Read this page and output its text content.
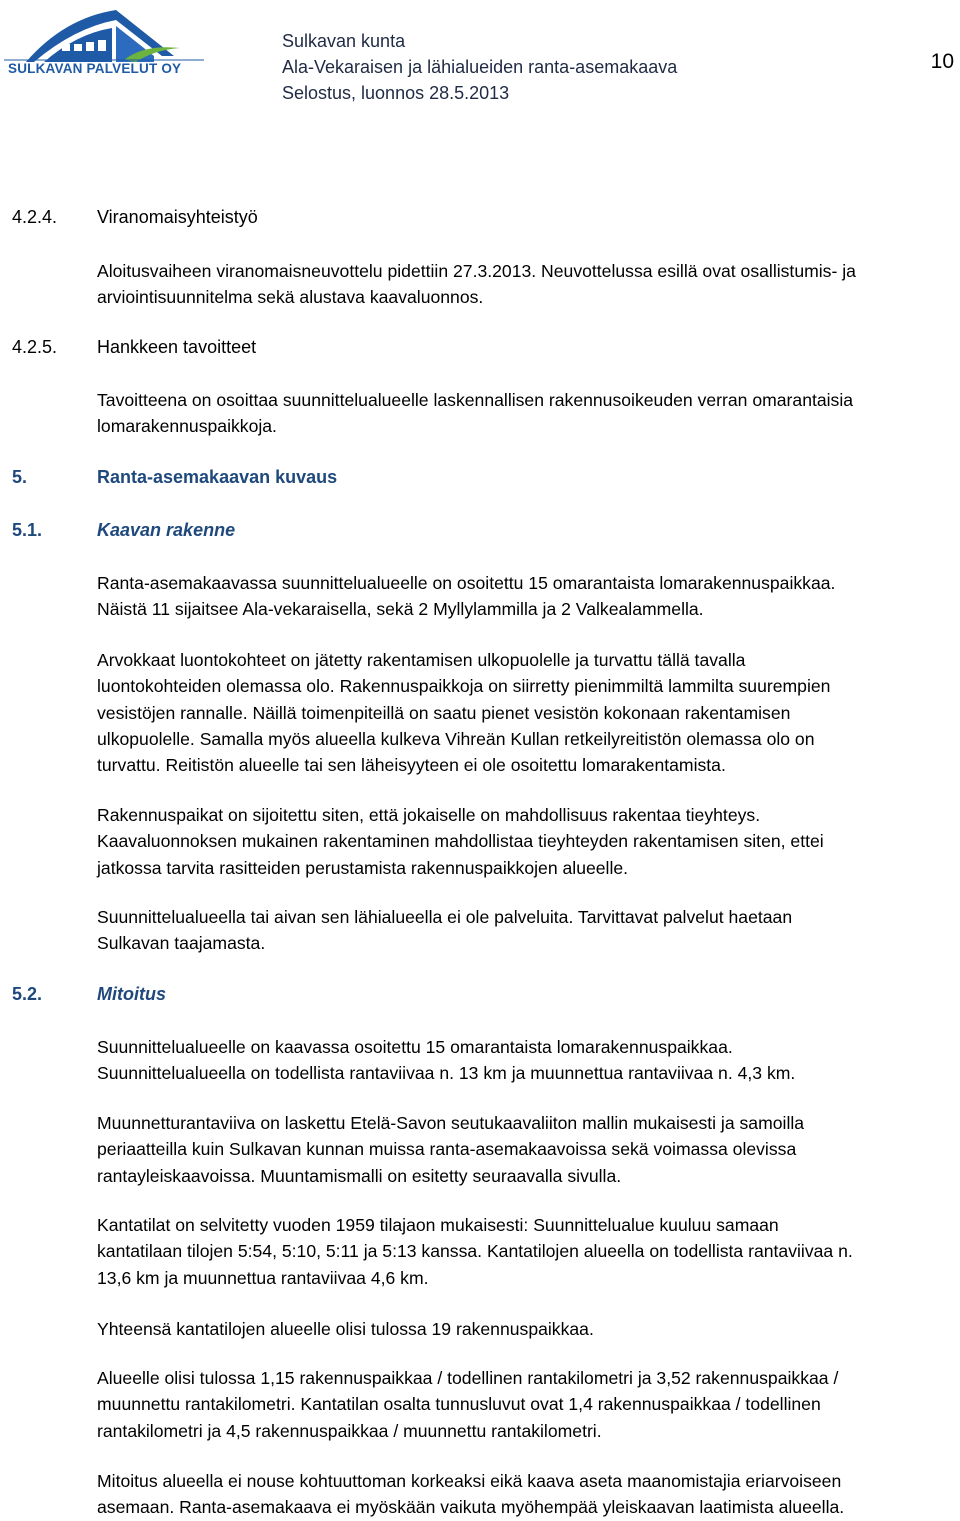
SULKAVAN PALVELUT OY
Sulkavan kunta
Ala-Vekaraisen ja lähialueiden ranta-asemakaava
Selostus, luonnos 28.5.2013
10
4.2.4. Viranomaisyhteistyö
Aloitusvaiheen viranomaisneuvottelu pidettiin 27.3.2013. Neuvottelussa esillä ovat osallistumis- ja
arviointisuunnitelma sekä alustava kaavaluonnos.
4.2.5. Hankkeen tavoitteet
Tavoitteena on osoittaa suunnittelualueelle laskennallisen rakennusoikeuden verran omarantaisia
lomarakennuspaikkoja.
5.	Ranta-asemakaavan kuvaus
5.1.	Kaavan rakenne
Ranta-asemakaavassa suunnittelualueelle on osoitettu 15 omarantaista lomarakennuspaikkaa.
Näistä 11 sijaitsee Ala-vekaraisella, sekä 2 Myllylammilla ja 2 Valkealammella.
Arvokkaat luontokohteet on jätetty rakentamisen ulkopuolelle ja turvattu tällä tavalla
luontokohteiden olemassa olo. Rakennuspaikkoja on siirretty pienimmiltä lammilta suurempien
vesistöjen rannalle. Näillä toimenpiteillä on saatu pienet vesistön kokonaan rakentamisen
ulkopuolelle. Samalla myös alueella kulkeva Vihreän Kullan retkeilyreitistön olemassa olo on
turvattu. Reitistön alueelle tai sen läheisyyteen ei ole osoitettu lomarakentamista.
Rakennuspaikat on sijoitettu siten, että jokaiselle on mahdollisuus rakentaa tieyhteys.
Kaavaluonnoksen mukainen rakentaminen mahdollistaa tieyhteyden rakentamisen siten, ettei
jatkossa tarvita rasitteiden perustamista rakennuspaikkojen alueelle.
Suunnittelualueella tai aivan sen lähialueella ei ole palveluita. Tarvittavat palvelut haetaan
Sulkavan taajamasta.
5.2.	Mitoitus
Suunnittelualueelle on kaavassa osoitettu 15 omarantaista lomarakennuspaikkaa.
Suunnittelualueella on todellista rantaviivaa n. 13 km ja muunnettua rantaviivaa n. 4,3 km.
Muunnetturantaviiva on laskettu Etelä-Savon seutukaavaliiton mallin mukaisesti ja samoilla
periaatteilla kuin Sulkavan kunnan muissa ranta-asemakaavoissa sekä voimassa olevissa
rantayleiskaavoissa. Muuntamismalli on esitetty seuraavalla sivulla.
Kantatilat on selvitetty vuoden 1959 tilajaon mukaisesti: Suunnittelualue kuuluu samaan
kantatilaan tilojen 5:54, 5:10, 5:11 ja 5:13 kanssa. Kantatilojen alueella on todellista rantaviivaa n.
13,6 km ja muunnettua rantaviivaa 4,6 km.
Yhteensä kantatilojen alueelle olisi tulossa 19 rakennuspaikkaa.
Alueelle olisi tulossa 1,15 rakennuspaikkaa / todellinen rantakilometri ja 3,52 rakennuspaikkaa /
muunnettu rantakilometri. Kantatilan osalta tunnusluvut ovat 1,4 rakennuspaikkaa / todellinen
rantakilometri ja 4,5 rakennuspaikkaa / muunnettu rantakilometri.
Mitoitus alueella ei nouse kohtuuttoman korkeaksi eikä kaava aseta maanomistajia eriarvoiseen
asemaan. Ranta-asemakaava ei myöskään vaikuta myöhempää yleiskaavan laatimista alueella.
